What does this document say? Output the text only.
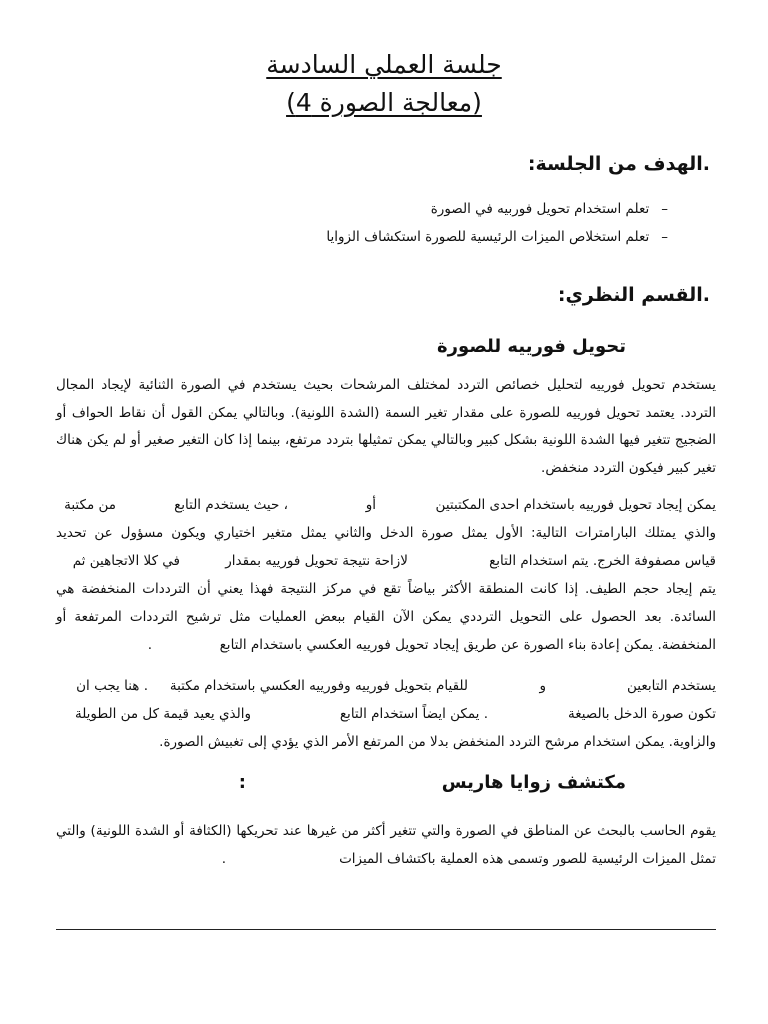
جلسة العملي السادسة
(معالجة الصورة 4)
.الهدف من الجلسة:
–تعلم استخدام تحويل فوربيه في الصورة
–تعلم استخلاص الميزات الرئيسية للصورة استكشاف الزوايا
.القسم النظري:
تحويل فورييه للصورة
يستخدم تحويل فورييه لتحليل خصائص التردد لمختلف المرشحات بحيث يستخدم في الصورة الثنائية لإيجاد المجال التردد. يعتمد تحويل فورييه للصورة على مقدار تغير السمة (الشدة اللونية). وبالتالي يمكن القول أن نقاط الحواف أو الضجيج تتغير فيها الشدة اللونية بشكل كبير وبالتالي يمكن تمثيلها بتردد مرتفع، بينما إذا كان التغير صغير أو لم يكن هناك تغير كبير فيكون التردد منخفض.
يمكن إيجاد تحويل فورييه باستخدام احدى المكتبتين
أو
، حيث يستخدم التابع
من مكتبة
والذي يمتلك البارامترات التالية: الأول يمثل صورة الدخل والثاني يمثل متغير اختياري ويكون مسؤول عن تحديد
قياس مصفوفة الخرج. يتم استخدام التابع
لازاحة نتيجة تحويل فورييه بمقدار
في كلا الاتجاهين ثم
يتم إيجاد حجم الطيف. إذا كانت المنطقة الأكثر بياضاً تقع في مركز النتيجة فهذا يعني أن الترددات المنخفضة هي
السائدة. بعد الحصول على التحويل الترددي يمكن الآن القيام ببعض العمليات مثل ترشيح الترددات المرتفعة أو
المنخفضة. يمكن إعادة بناء الصورة عن طريق إيجاد تحويل فورييه العكسي باستخدام التابع
.
يستخدم التابعين
و
للقيام بتحويل فورييه وفورييه العكسي باستخدام مكتبة
. هنا يجب ان
تكون صورة الدخل بالصيغة
. يمكن ايضاً استخدام التابع
والذي يعيد قيمة كل من الطويلة
والزاوية. يمكن استخدام مرشح التردد المنخفض بدلا من المرتفع الأمر الذي يؤدي إلى تغبيش الصورة.
مكتشف زوايا هاريس
:
يقوم الحاسب بالبحث عن المناطق في الصورة والتي تتغير أكثر من غيرها عند تحريكها (الكثافة أو الشدة اللونية) والتي
تمثل الميزات الرئيسية للصور وتسمى هذه العملية باكتشاف الميزات
.
